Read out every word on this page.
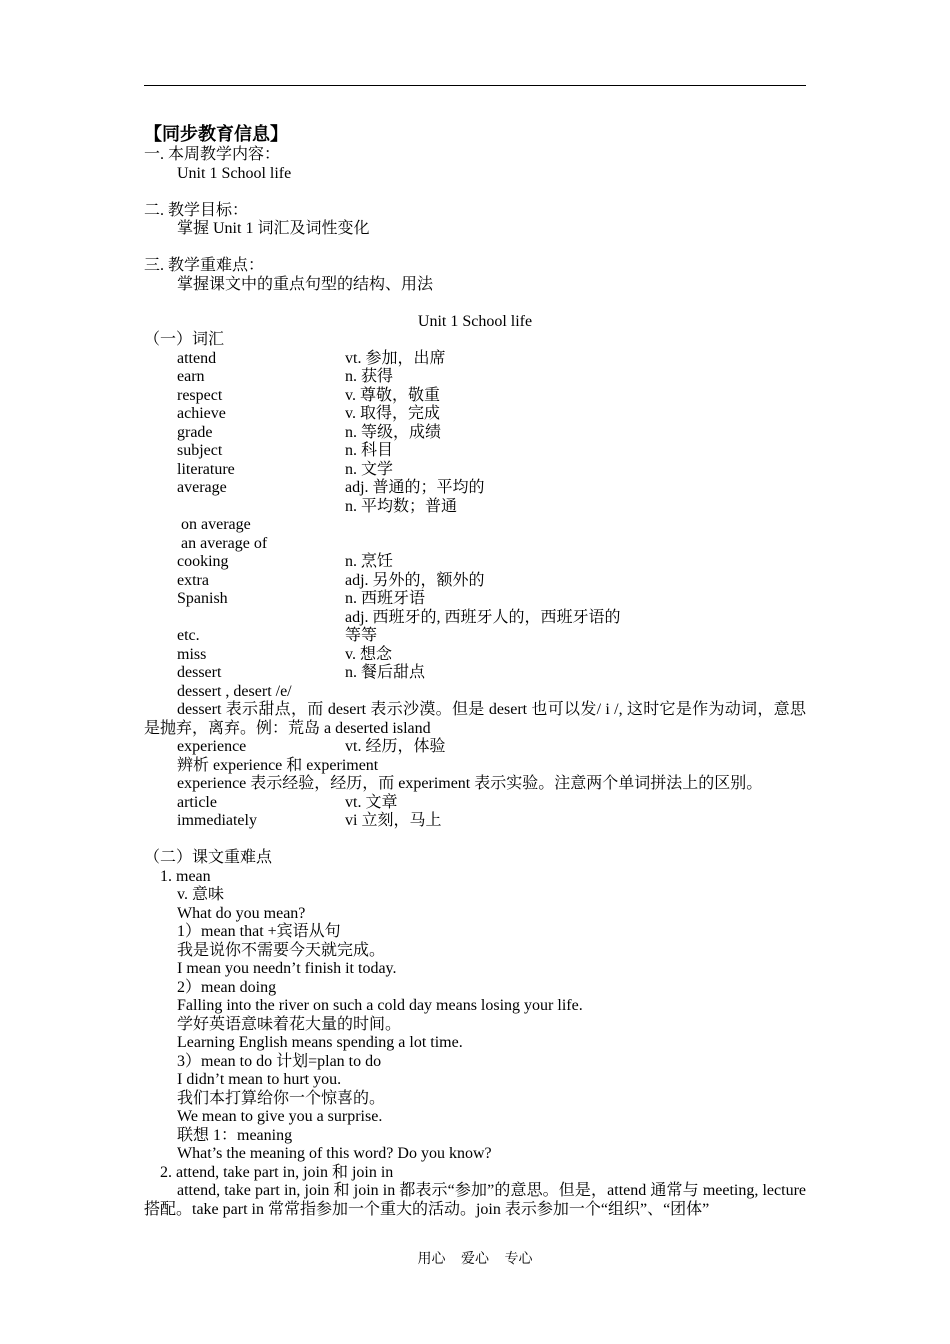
【同步教育信息】
一. 本周教学内容：
Unit 1 School life
二. 教学目标：
掌握 Unit 1 词汇及词性变化
三. 教学重难点：
掌握课文中的重点句型的结构、用法
Unit 1 School life
（一）词汇
attend	vt. 参加，出席
earn	n. 获得
respect	v. 尊敬，敬重
achieve	v. 取得，完成
grade	n. 等级，成绩
subject	n. 科目
literature	n. 文学
average	adj. 普通的；平均的
n. 平均数；普通
on average
an average of
cooking	n. 烹饪
extra	adj. 另外的，额外的
Spanish	n. 西班牙语
adj. 西班牙的, 西班牙人的，西班牙语的
etc.	等等
miss	v. 想念
dessert	n. 餐后甜点
dessert , desert /e/
dessert 表示甜点，而 desert 表示沙漠。但是 desert 也可以发/ i /, 这时它是作为动词，意思是抛弃，离弃。例：荒岛 a deserted island
experience	vt. 经历，体验
辨析 experience 和 experiment
experience 表示经验，经历，而 experiment 表示实验。注意两个单词拼法上的区别。
article	vt. 文章
immediately	vi 立刻，马上
（二）课文重难点
1. mean
v. 意味
What do you mean?
1）mean that +宾语从句
我是说你不需要今天就完成。
I mean you needn’t finish it today.
2）mean doing
Falling into the river on such a cold day means losing your life.
学好英语意味着花大量的时间。
Learning English means spending a lot time.
3）mean to do 计划=plan to do
I didn’t mean to hurt you.
我们本打算给你一个惊喜的。
We mean to give you a surprise.
联想 1：meaning
What’s the meaning of this word? Do you know?
2. attend, take part in, join 和 join in
attend, take part in, join 和 join in 都表示“参加”的意思。但是，attend 通常与 meeting, lecture 搭配。take part in 常常指参加一个重大的活动。join 表示参加一个“组织”、“团体”
用心 爱心 专心
